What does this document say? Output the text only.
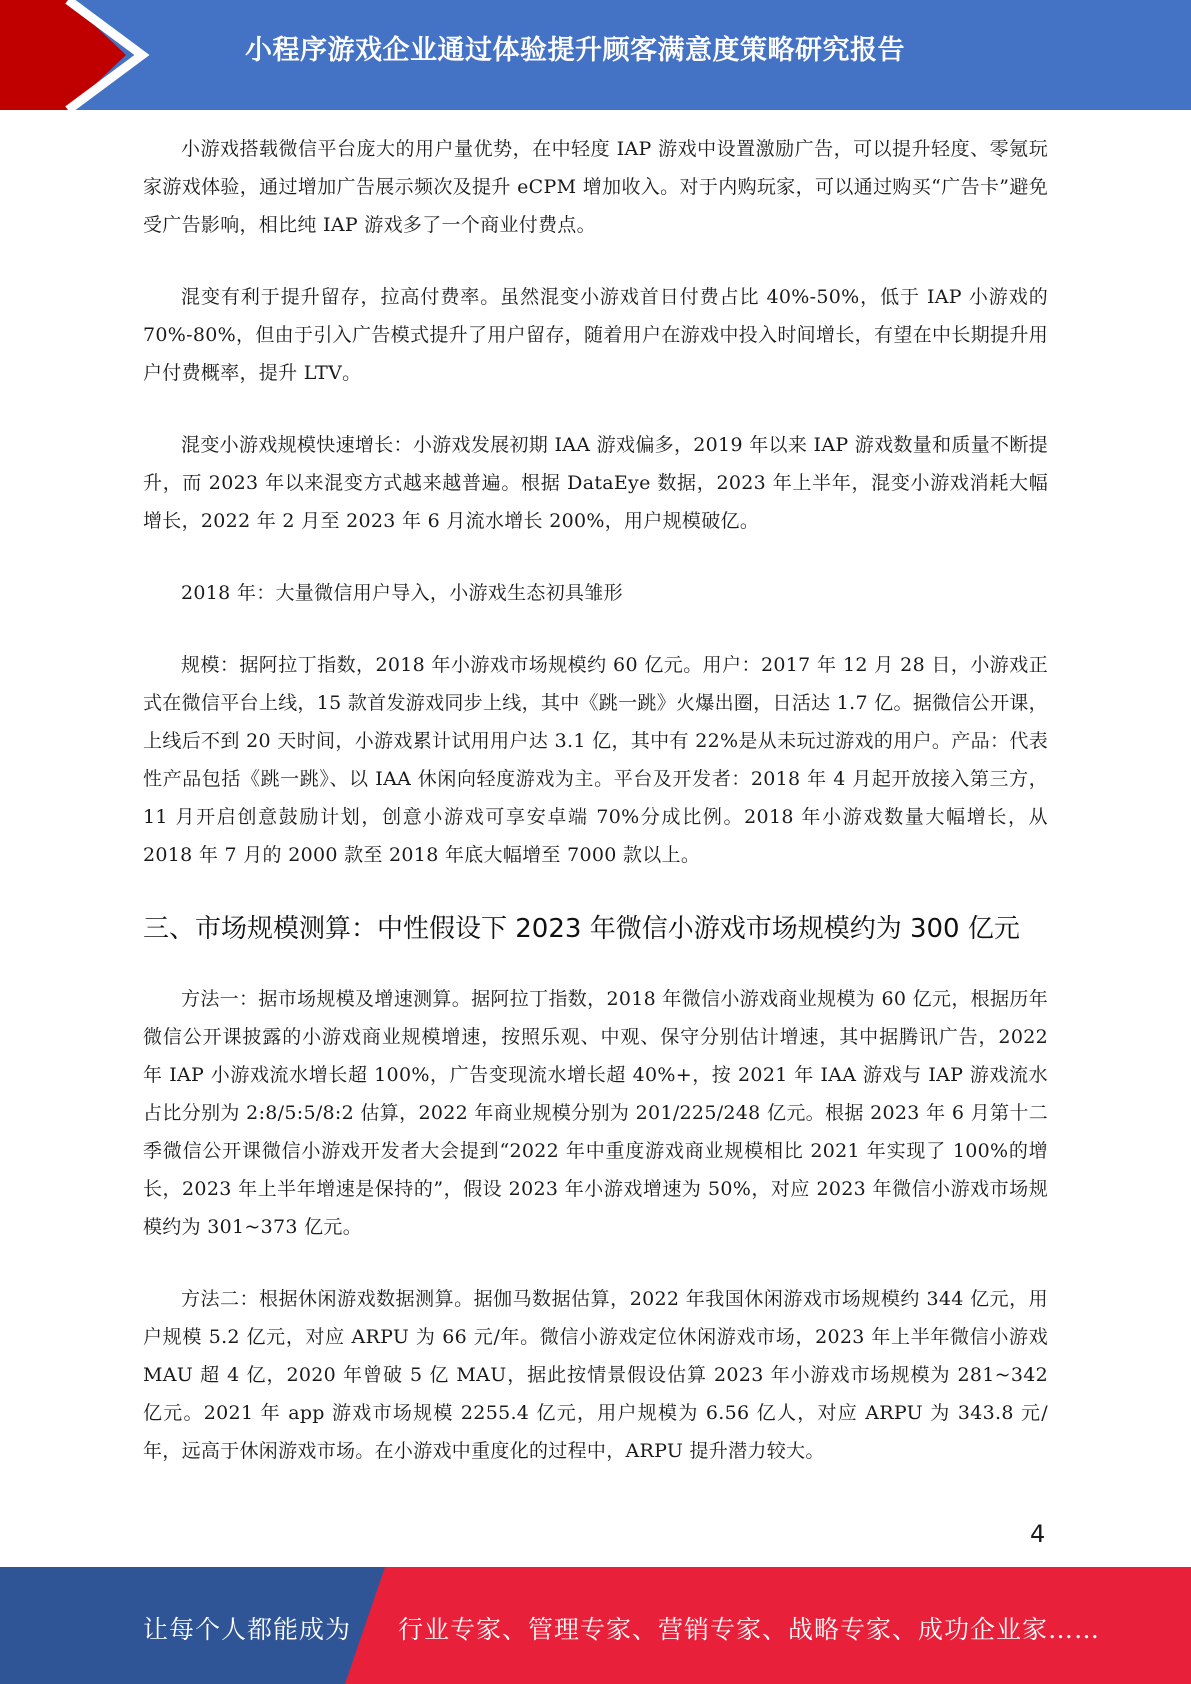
小程序游戏企业通过体验提升顾客满意度策略研究报告

小游戏搭载微信平台庞大的用户量优势，在中轻度 IAP 游戏中设置激励广告，可以提升轻度、零氪玩家游戏体验，通过增加广告展示频次及提升 eCPM 增加收入。对于内购玩家，可以通过购买“广告卡”避免受广告影响，相比纯 IAP 游戏多了一个商业付费点。

混变有利于提升留存，拉高付费率。虽然混变小游戏首日付费占比 40%-50%，低于 IAP 小游戏的 70%-80%，但由于引入广告模式提升了用户留存，随着用户在游戏中投入时间增长，有望在中长期提升用户付费概率，提升 LTV。

混变小游戏规模快速增长：小游戏发展初期 IAA 游戏偏多，2019 年以来 IAP 游戏数量和质量不断提升，而 2023 年以来混变方式越来越普遍。根据 DataEye 数据，2023 年上半年，混变小游戏消耗大幅增长，2022 年 2 月至 2023 年 6 月流水增长 200%，用户规模破亿。

2018 年：大量微信用户导入，小游戏生态初具雏形

规模：据阿拉丁指数，2018 年小游戏市场规模约 60 亿元。用户：2017 年 12 月 28 日，小游戏正式在微信平台上线，15 款首发游戏同步上线，其中《跳一跳》火爆出圈，日活达 1.7 亿。据微信公开课，上线后不到 20 天时间，小游戏累计试用用户达 3.1 亿，其中有 22%是从未玩过游戏的用户。产品：代表性产品包括《跳一跳》、以 IAA 休闲向轻度游戏为主。平台及开发者：2018 年 4 月起开放接入第三方，11 月开启创意鼓励计划，创意小游戏可享安卓端 70%分成比例。2018 年小游戏数量大幅增长，从 2018 年 7 月的 2000 款至 2018 年底大幅增至 7000 款以上。

三、市场规模测算：中性假设下 2023 年微信小游戏市场规模约为 300 亿元

方法一：据市场规模及增速测算。据阿拉丁指数，2018 年微信小游戏商业规模为 60 亿元，根据历年微信公开课披露的小游戏商业规模增速，按照乐观、中观、保守分别估计增速，其中据腾讯广告，2022 年 IAP 小游戏流水增长超 100%，广告变现流水增长超 40%+，按 2021 年 IAA 游戏与 IAP 游戏流水占比分别为 2:8/5:5/8:2 估算，2022 年商业规模分别为 201/225/248 亿元。根据 2023 年 6 月第十二季微信公开课微信小游戏开发者大会提到“2022 年中重度游戏商业规模相比 2021 年实现了 100%的增长，2023 年上半年增速是保持的”，假设 2023 年小游戏增速为 50%，对应 2023 年微信小游戏市场规模约为 301~373 亿元。

方法二：根据休闲游戏数据测算。据伽马数据估算，2022 年我国休闲游戏市场规模约 344 亿元，用户规模 5.2 亿元，对应 ARPU 为 66 元/年。微信小游戏定位休闲游戏市场，2023 年上半年微信小游戏 MAU 超 4 亿，2020 年曾破 5 亿 MAU，据此按情景假设估算 2023 年小游戏市场规模为 281~342 亿元。2021 年 app 游戏市场规模 2255.4 亿元，用户规模为 6.56 亿人，对应 ARPU 为 343.8 元/年，远高于休闲游戏市场。在小游戏中重度化的过程中，ARPU 提升潜力较大。

4
让每个人都能成为 行业专家、管理专家、营销专家、战略专家、成功企业家……
